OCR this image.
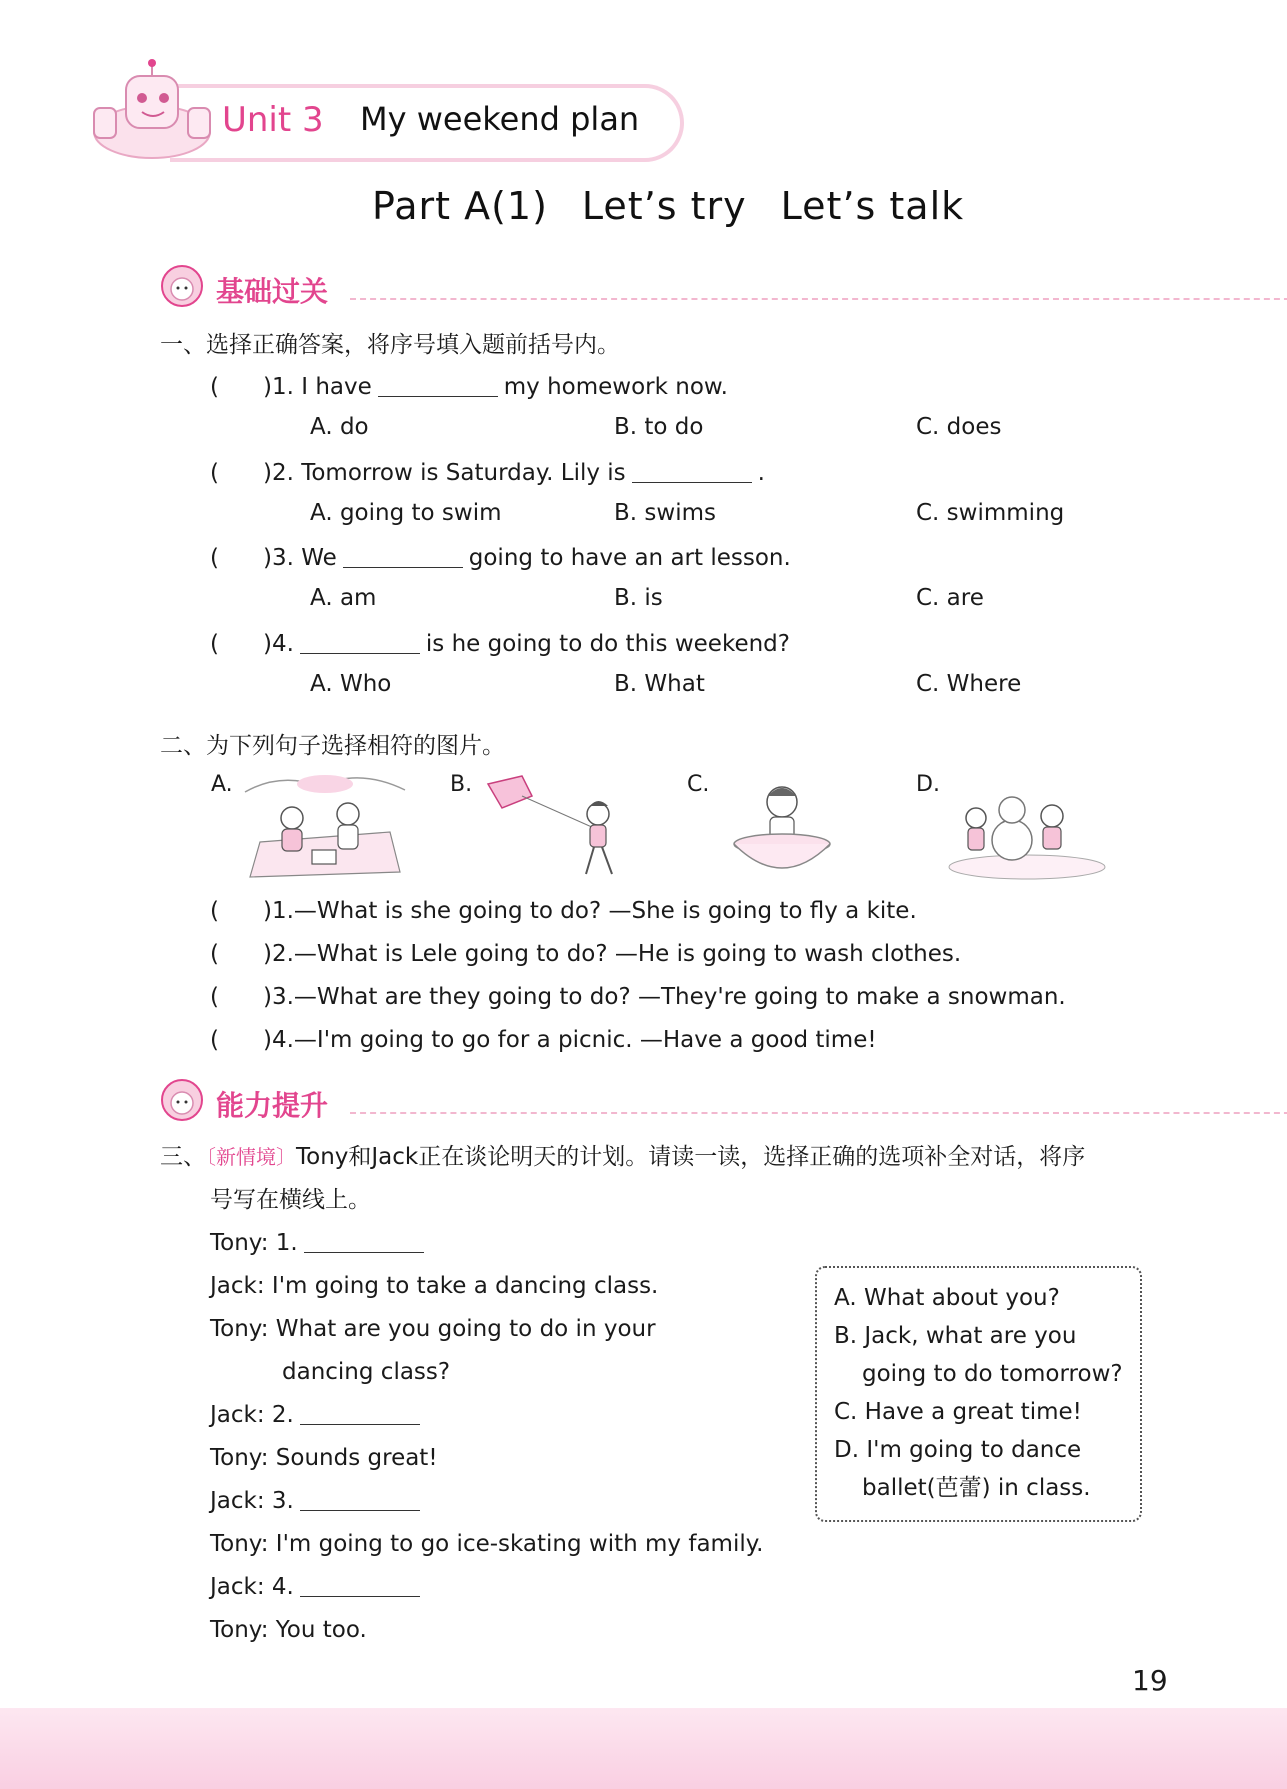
Unit 3 My weekend plan
Part A(1) Let’s try Let’s talk
基础过关
一、选择正确答案，将序号填入题前括号内。
( )1. I have	my homework now.
A. do	B. to do	C. does
( )2. Tomorrow is Saturday. Lily is	.
A. going to swim	B. swims	C. swimming
( )3. We	going to have an art lesson.
A. am	B. is	C. are
( )4.	is he going to do this weekend?
A. Who	B. What	C. Where
二、为下列句子选择相符的图片。
A.	B.	C.	D.
( )1.—What is she going to do? —She is going to fly a kite.
( )2.—What is Lele going to do? —He is going to wash clothes.
( )3.—What are they going to do? —They're going to make a snowman.
( )4.—I'm going to go for a picnic. —Have a good time!
能力提升
三、〔新情境〕Tony和Jack正在谈论明天的计划。请读一读，选择正确的选项补全对话，将序
号写在横线上。
Tony: 1.
Jack: I'm going to take a dancing class.
Tony: What are you going to do in your
dancing class?
Jack: 2.
Tony: Sounds great!
Jack: 3.
Tony: I'm going to go ice-skating with my family.
Jack: 4.
Tony: You too.
A. What about you?
B. Jack, what are you
going to do tomorrow?
C. Have a great time!
D. I'm going to dance
ballet(芭蕾) in class.
19
